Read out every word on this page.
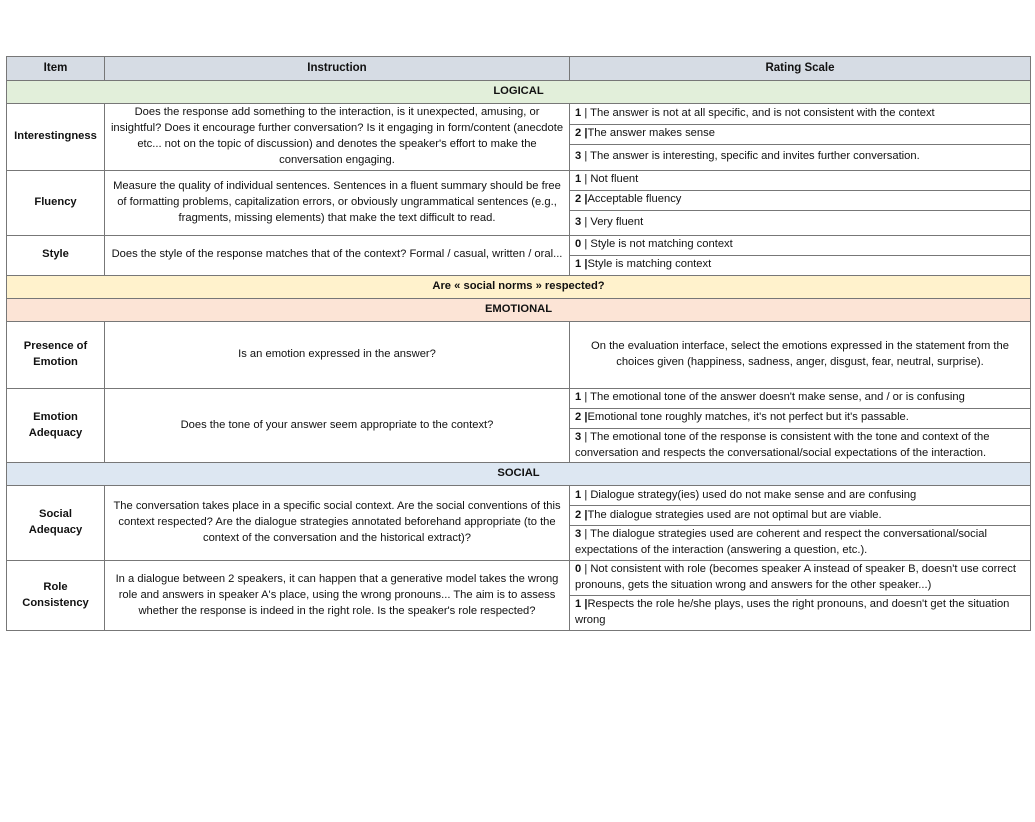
Item	Instruction	Rating Scale
LOGICAL		
Interestingness	Does the response add something to the interaction, is it unexpected, amusing, or insightful? Does it encourage further conversation? Is it engaging in form/content (anecdote etc... not on the topic of discussion) and denotes the speaker's effort to make the conversation engaging.	1 | The answer is not at all specific, and is not consistent with the context
		2 |The answer makes sense
		3 | The answer is interesting, specific and invites further conversation.
Fluency	Measure the quality of individual sentences. Sentences in a fluent summary should be free of formatting problems, capitalization errors, or obviously ungrammatical sentences (e.g., fragments, missing elements) that make the text difficult to read.	1 | Not fluent
		2 |Acceptable fluency
		3 | Very fluent
Style	Does the style of the response matches that of the context? Formal / casual, written / oral...	0 | Style is not matching context
		1 |Style is matching context
Are « social norms » respected?		
EMOTIONAL		
Presence of Emotion	Is an emotion expressed in the answer?	On the evaluation interface, select the emotions expressed in the statement from the choices given (happiness, sadness, anger, disgust, fear, neutral, surprise).
Emotion Adequacy	Does the tone of your answer seem appropriate to the context?	1 | The emotional tone of the answer doesn't make sense, and / or is confusing
		2 |Emotional tone roughly matches, it's not perfect but it's passable.
		3 | The emotional tone of the response is consistent with the tone and context of the conversation and respects the conversational/social expectations of the interaction.
SOCIAL		
Social Adequacy	The conversation takes place in a specific social context. Are the social conventions of this context respected? Are the dialogue strategies annotated beforehand appropriate (to the context of the conversation and the historical extract)?	1 | Dialogue strategy(ies) used do not make sense and are confusing
		2 |The dialogue strategies used are not optimal but are viable.
		3 | The dialogue strategies used are coherent and respect the conversational/social expectations of the interaction (answering a question, etc.).
Role Consistency	In a dialogue between 2 speakers, it can happen that a generative model takes the wrong role and answers in speaker A's place, using the wrong pronouns... The aim is to assess whether the response is indeed in the right role. Is the speaker's role respected?	0 | Not consistent with role (becomes speaker A instead of speaker B, doesn't use correct pronouns, gets the situation wrong and answers for the other speaker...)
		1 |Respects the role he/she plays, uses the right pronouns, and doesn't get the situation wrong
